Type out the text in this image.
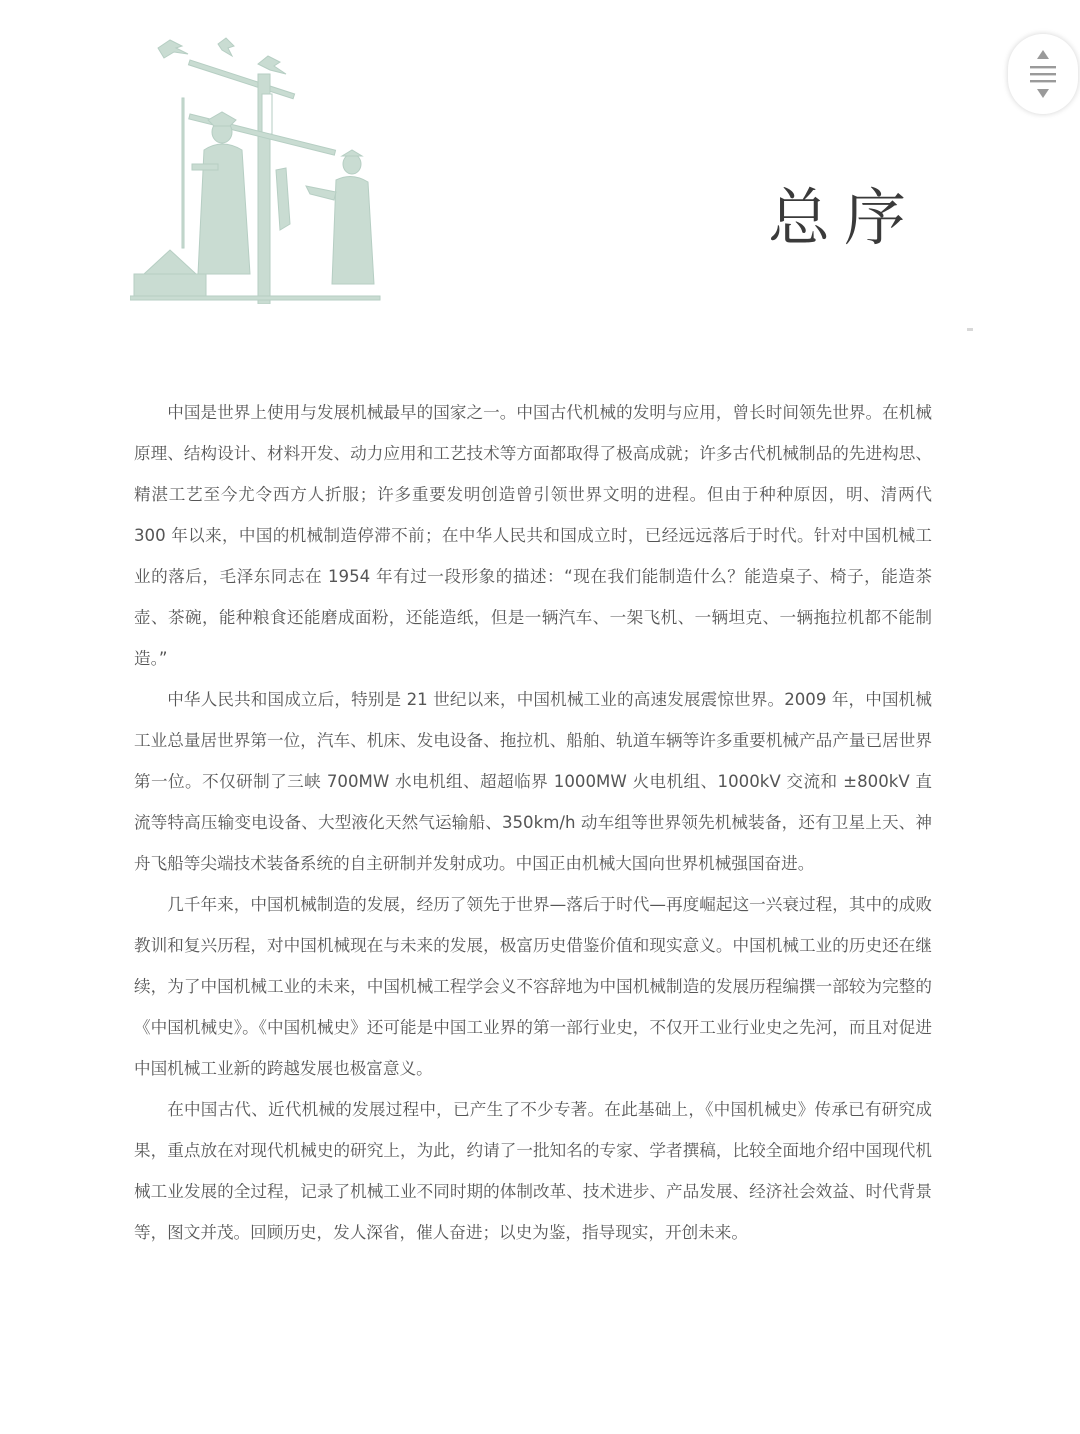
总序

中国是世界上使用与发展机械最早的国家之一。中国古代机械的发明与应用，曾长时间领先世界。在机械原理、结构设计、材料开发、动力应用和工艺技术等方面都取得了极高成就；许多古代机械制品的先进构思、精湛工艺至今尤令西方人折服；许多重要发明创造曾引领世界文明的进程。但由于种种原因，明、清两代 300 年以来，中国的机械制造停滞不前；在中华人民共和国成立时，已经远远落后于时代。针对中国机械工业的落后，毛泽东同志在 1954 年有过一段形象的描述：“现在我们能制造什么？能造桌子、椅子，能造茶壶、茶碗，能种粮食还能磨成面粉，还能造纸，但是一辆汽车、一架飞机、一辆坦克、一辆拖拉机都不能制造。”

中华人民共和国成立后，特别是 21 世纪以来，中国机械工业的高速发展震惊世界。2009 年，中国机械工业总量居世界第一位，汽车、机床、发电设备、拖拉机、船舶、轨道车辆等许多重要机械产品产量已居世界第一位。不仅研制了三峡 700MW 水电机组、超超临界 1000MW 火电机组、1000kV 交流和 ±800kV 直流等特高压输变电设备、大型液化天然气运输船、350km/h 动车组等世界领先机械装备，还有卫星上天、神舟飞船等尖端技术装备系统的自主研制并发射成功。中国正由机械大国向世界机械强国奋进。

几千年来，中国机械制造的发展，经历了领先于世界—落后于时代—再度崛起这一兴衰过程，其中的成败教训和复兴历程，对中国机械现在与未来的发展，极富历史借鉴价值和现实意义。中国机械工业的历史还在继续，为了中国机械工业的未来，中国机械工程学会义不容辞地为中国机械制造的发展历程编撰一部较为完整的《中国机械史》。《中国机械史》还可能是中国工业界的第一部行业史，不仅开工业行业史之先河，而且对促进中国机械工业新的跨越发展也极富意义。

在中国古代、近代机械的发展过程中，已产生了不少专著。在此基础上，《中国机械史》传承已有研究成果，重点放在对现代机械史的研究上，为此，约请了一批知名的专家、学者撰稿，比较全面地介绍中国现代机械工业发展的全过程，记录了机械工业不同时期的体制改革、技术进步、产品发展、经济社会效益、时代背景等，图文并茂。回顾历史，发人深省，催人奋进；以史为鉴，指导现实，开创未来。
